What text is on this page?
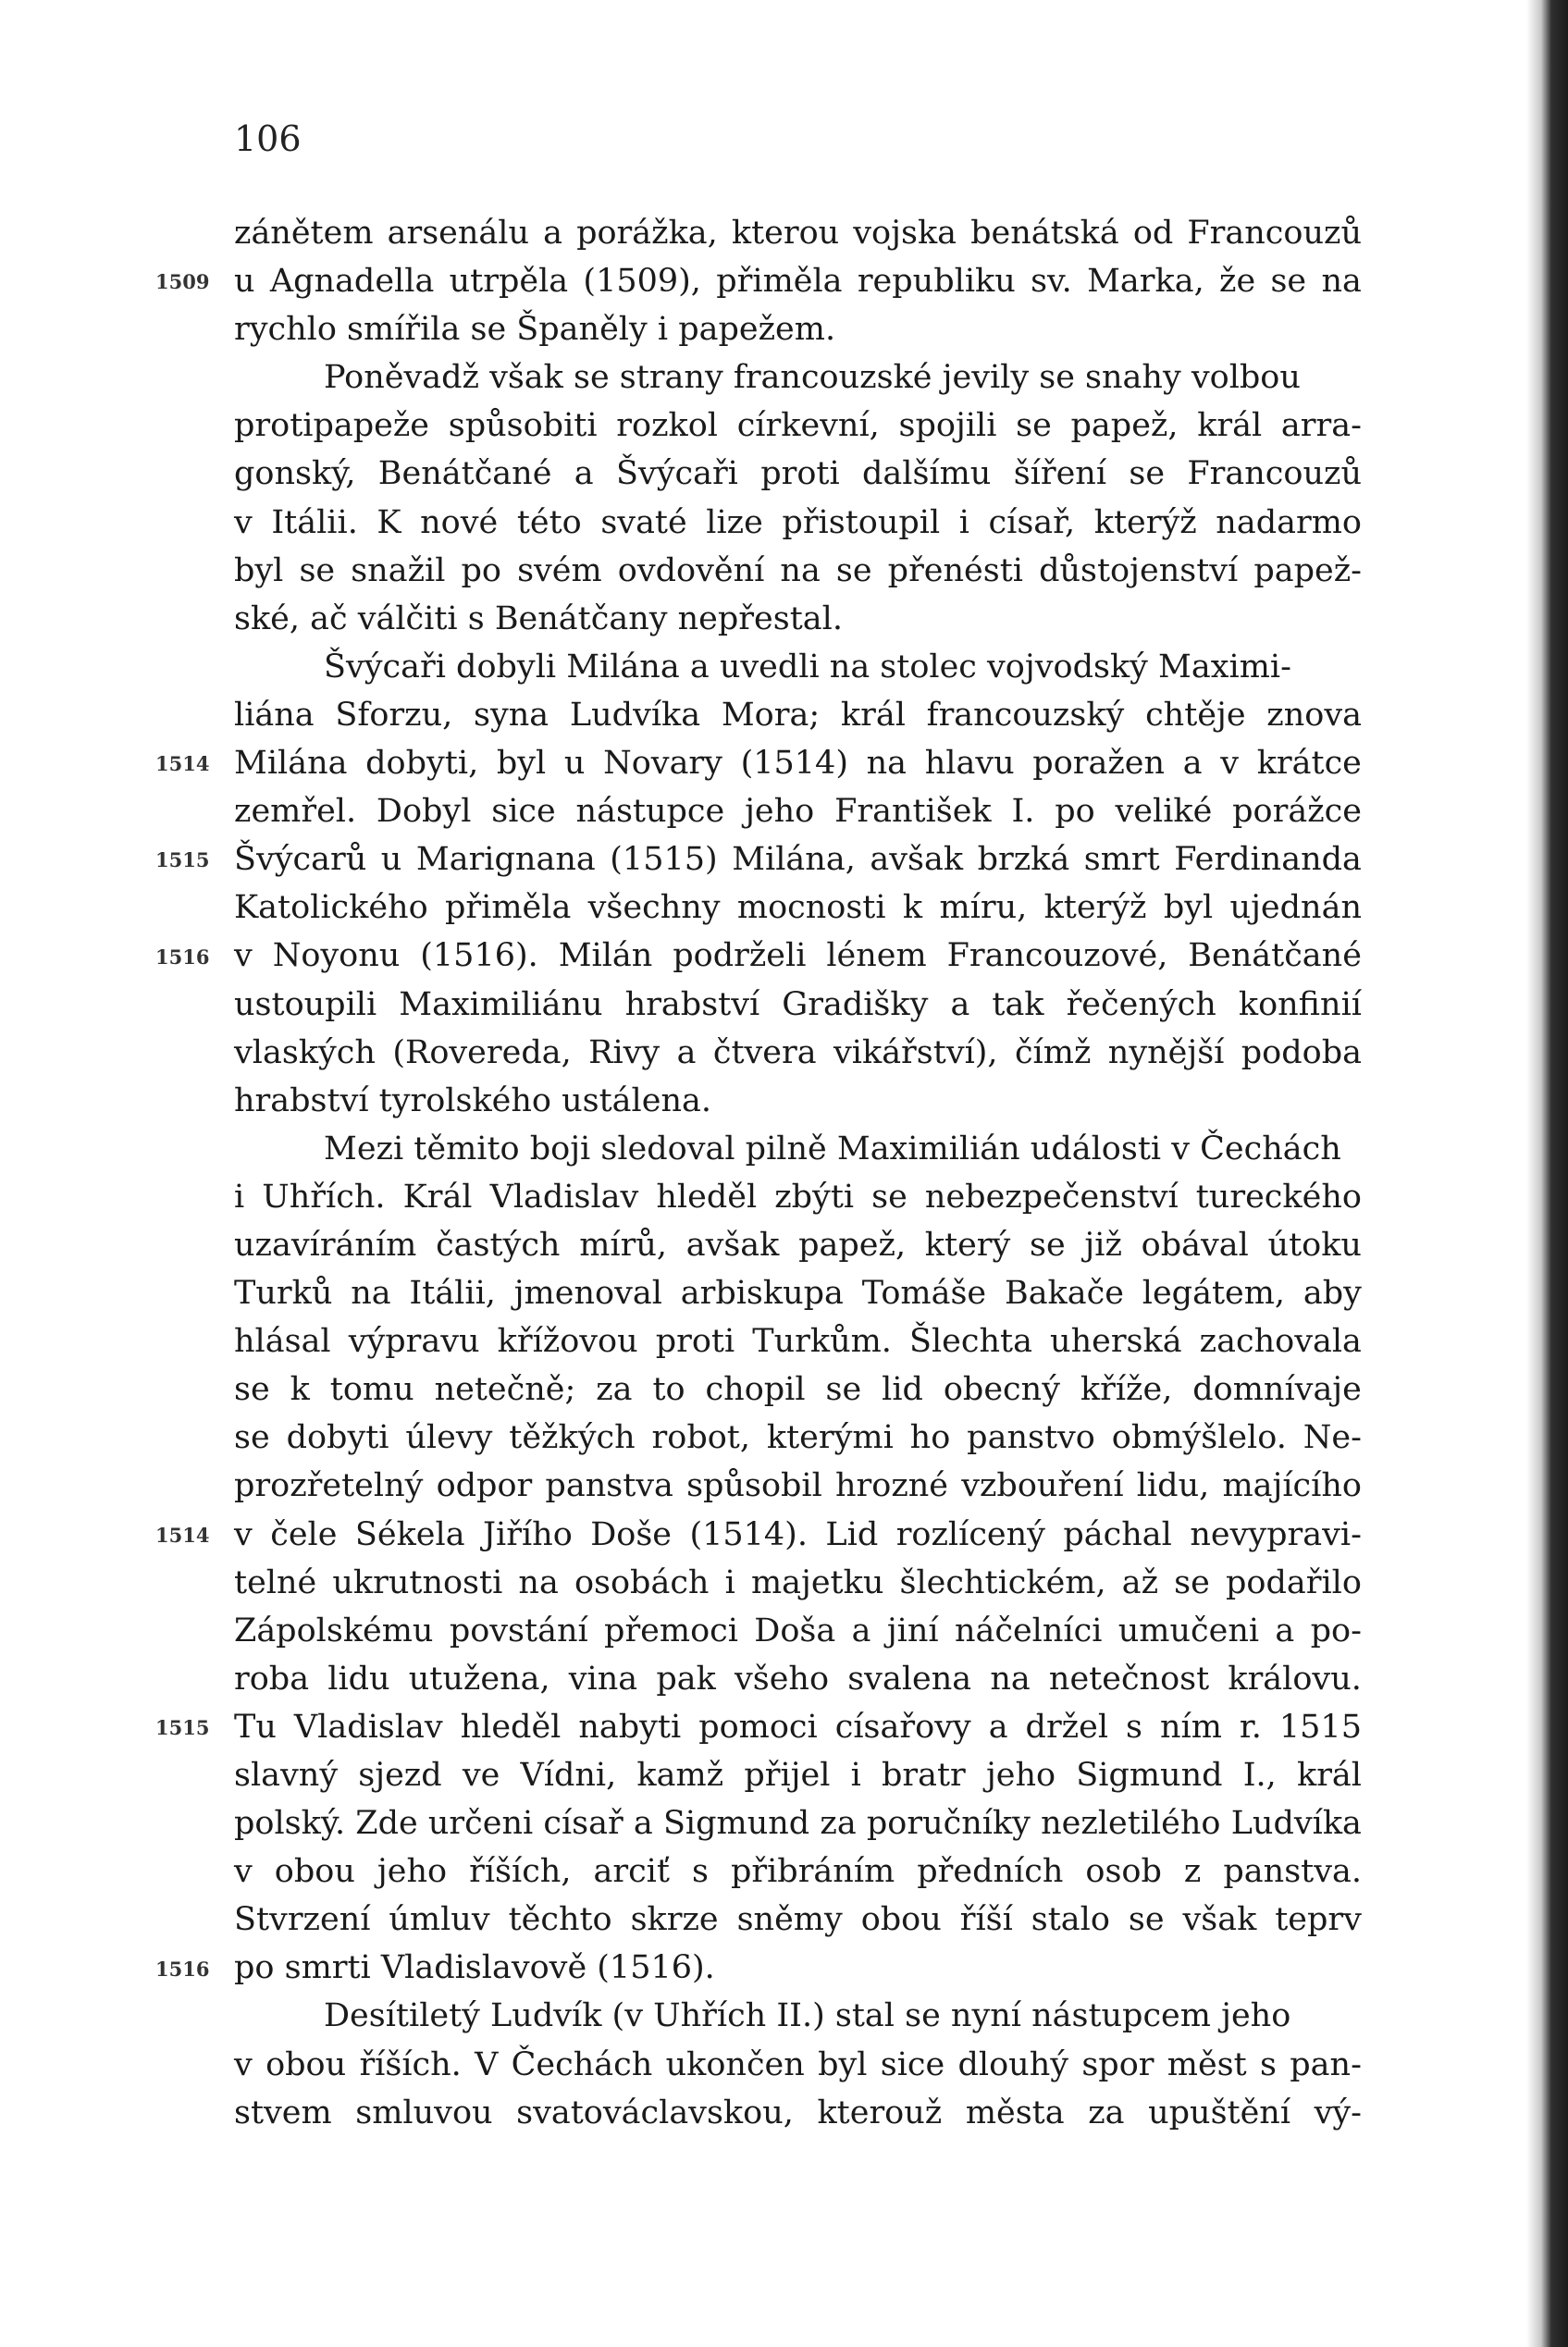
106
zánětem arsenálu a porážka, kterou vojska benátská od Francouzů
u Agnadella utrpěla (1509), přiměla republiku sv. Marka, že se na
rychlo smířila se Španěly i papežem.
Poněvadž však se strany francouzské jevily se snahy volbou
protipapeže spůsobiti rozkol církevní, spojili se papež, král arra-
gonský, Benátčané a Švýcaři proti dalšímu šíření se Francouzů
v Itálii. K nové této svaté lize přistoupil i císař, kterýž nadarmo
byl se snažil po svém ovdovění na se přenésti důstojenství papež-
ské, ač válčiti s Benátčany nepřestal.
Švýcaři dobyli Milána a uvedli na stolec vojvodský Maximi-
liána Sforzu, syna Ludvíka Mora; král francouzský chtěje znova
Milána dobyti, byl u Novary (1514) na hlavu poražen a v krátce
zemřel. Dobyl sice nástupce jeho František I. po veliké porážce
Švýcarů u Marignana (1515) Milána, avšak brzká smrt Ferdinanda
Katolického přiměla všechny mocnosti k míru, kterýž byl ujednán
v Noyonu (1516). Milán podrželi lénem Francouzové, Benátčané
ustoupili Maximiliánu hrabství Gradišky a tak řečených konfinií
vlaských (Rovereda, Rivy a čtvera vikářství), čímž nynější podoba
hrabství tyrolského ustálena.
Mezi těmito boji sledoval pilně Maximilián události v Čechách
i Uhřích. Král Vladislav hleděl zbýti se nebezpečenství tureckého
uzavíráním častých mírů, avšak papež, který se již obával útoku
Turků na Itálii, jmenoval arbiskupa Tomáše Bakače legátem, aby
hlásal výpravu křížovou proti Turkům. Šlechta uherská zachovala
se k tomu netečně; za to chopil se lid obecný kříže, domnívaje
se dobyti úlevy těžkých robot, kterými ho panstvo obmýšlelo. Ne-
prozřetelný odpor panstva spůsobil hrozné vzbouření lidu, majícího
v čele Sékela Jiřího Doše (1514). Lid rozlícený páchal nevypravi-
telné ukrutnosti na osobách i majetku šlechtickém, až se podařilo
Zápolskému povstání přemoci Doša a jiní náčelníci umučeni a po-
roba lidu utužena, vina pak všeho svalena na netečnost královu.
Tu Vladislav hleděl nabyti pomoci císařovy a držel s ním r. 1515
slavný sjezd ve Vídni, kamž přijel i bratr jeho Sigmund I., král
polský. Zde určeni císař a Sigmund za poručníky nezletilého Ludvíka
v obou jeho říších, arciť s přibráním předních osob z panstva.
Stvrzení úmluv těchto skrze sněmy obou říší stalo se však teprv
po smrti Vladislavově (1516).
Desítiletý Ludvík (v Uhřích II.) stal se nyní nástupcem jeho
v obou říších. V Čechách ukončen byl sice dlouhý spor měst s pan-
stvem smluvou svatováclavskou, kterouž města za upuštění vý-
1509
1514
1515
1516
1514
1515
1516
